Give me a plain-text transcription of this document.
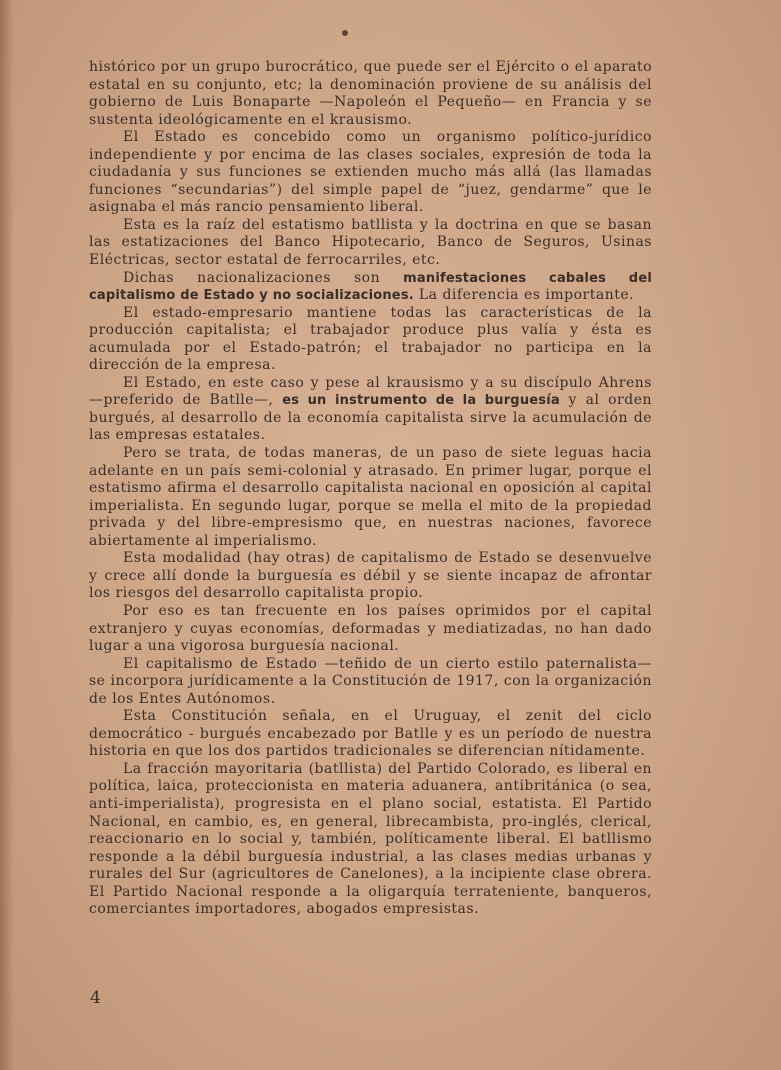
histórico por un grupo burocrático, que puede ser el Ejército o el aparato estatal en su conjunto, etc; la denominación proviene de su análisis del gobierno de Luis Bonaparte —Napoleón el Pequeño— en Francia y se sustenta ideológicamente en el krausismo.

El Estado es concebido como un organismo político-jurídico independiente y por encima de las clases sociales, expresión de toda la ciudadanía y sus funciones se extienden mucho más allá (las llamadas funciones “secundarias”) del simple papel de “juez, gendarme” que le asignaba el más rancio pensamiento liberal.

Esta es la raíz del estatismo batllista y la doctrina en que se basan las estatizaciones del Banco Hipotecario, Banco de Seguros, Usinas Eléctricas, sector estatal de ferrocarriles, etc.

Dichas nacionalizaciones son manifestaciones cabales del capitalismo de Estado y no socializaciones. La diferencia es importante.

El estado-empresario mantiene todas las características de la producción capitalista; el trabajador produce plus valía y ésta es acumulada por el Estado-patrón; el trabajador no participa en la dirección de la empresa.

El Estado, en este caso y pese al krausismo y a su discípulo Ahrens —preferido de Batlle—, es un instrumento de la burguesía y al orden burgués, al desarrollo de la economía capitalista sirve la acumulación de las empresas estatales.

Pero se trata, de todas maneras, de un paso de siete leguas hacia adelante en un país semi-colonial y atrasado. En primer lugar, porque el estatismo afirma el desarrollo capitalista nacional en oposición al capital imperialista. En segundo lugar, porque se mella el mito de la propiedad privada y del libre-empresismo que, en nuestras naciones, favorece abiertamente al imperialismo.

Esta modalidad (hay otras) de capitalismo de Estado se desenvuelve y crece allí donde la burguesía es débil y se siente incapaz de afrontar los riesgos del desarrollo capitalista propio.

Por eso es tan frecuente en los países oprimidos por el capital extranjero y cuyas economías, deformadas y mediatizadas, no han dado lugar a una vigorosa burguesía nacional.

El capitalismo de Estado —teñido de un cierto estilo paternalista— se incorpora jurídicamente a la Constitución de 1917, con la organización de los Entes Autónomos.

Esta Constitución señala, en el Uruguay, el zenit del ciclo democrático - burgués encabezado por Batlle y es un período de nuestra historia en que los dos partidos tradicionales se diferencian nítidamente.

La fracción mayoritaria (batllista) del Partido Colorado, es liberal en política, laica, proteccionista en materia aduanera, antibritánica (o sea, anti-imperialista), progresista en el plano social, estatista. El Partido Nacional, en cambio, es, en general, librecambista, pro-inglés, clerical, reaccionario en lo social y, también, políticamente liberal. El batllismo responde a la débil burguesía industrial, a las clases medias urbanas y rurales del Sur (agricultores de Canelones), a la incipiente clase obrera. El Partido Nacional responde a la oligarquía terrateniente, banqueros, comerciantes importadores, abogados empresistas.

4
